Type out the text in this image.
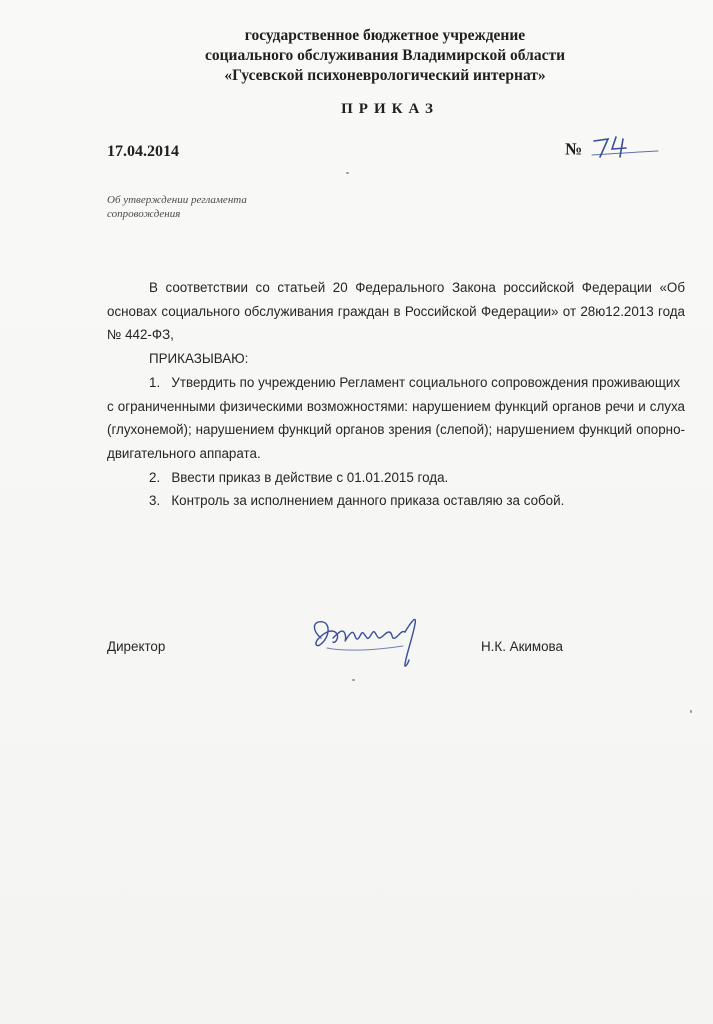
государственное бюджетное учреждение
социального обслуживания Владимирской области
«Гусевской психоневрологический интернат»
ПРИКАЗ
17.04.2014	№
Об утверждении регламента
сопровождения
В соответствии со статьей 20 Федерального Закона российской Федерации «Об
основах социального обслуживания граждан в Российской Федерации» от 28ю12.2013 года
№ 442-ФЗ,
ПРИКАЗЫВАЮ:
1. Утвердить по учреждению Регламент социального сопровождения проживающих
с ограниченными физическими возможностями: нарушением функций органов речи и слуха
(глухонемой); нарушением функций органов зрения (слепой); нарушением функций опорно-
двигательного аппарата.
2. Ввести приказ в действие с 01.01.2015 года.
3. Контроль за исполнением данного приказа оставляю за собой.
Директор	Н.К. Акимова
